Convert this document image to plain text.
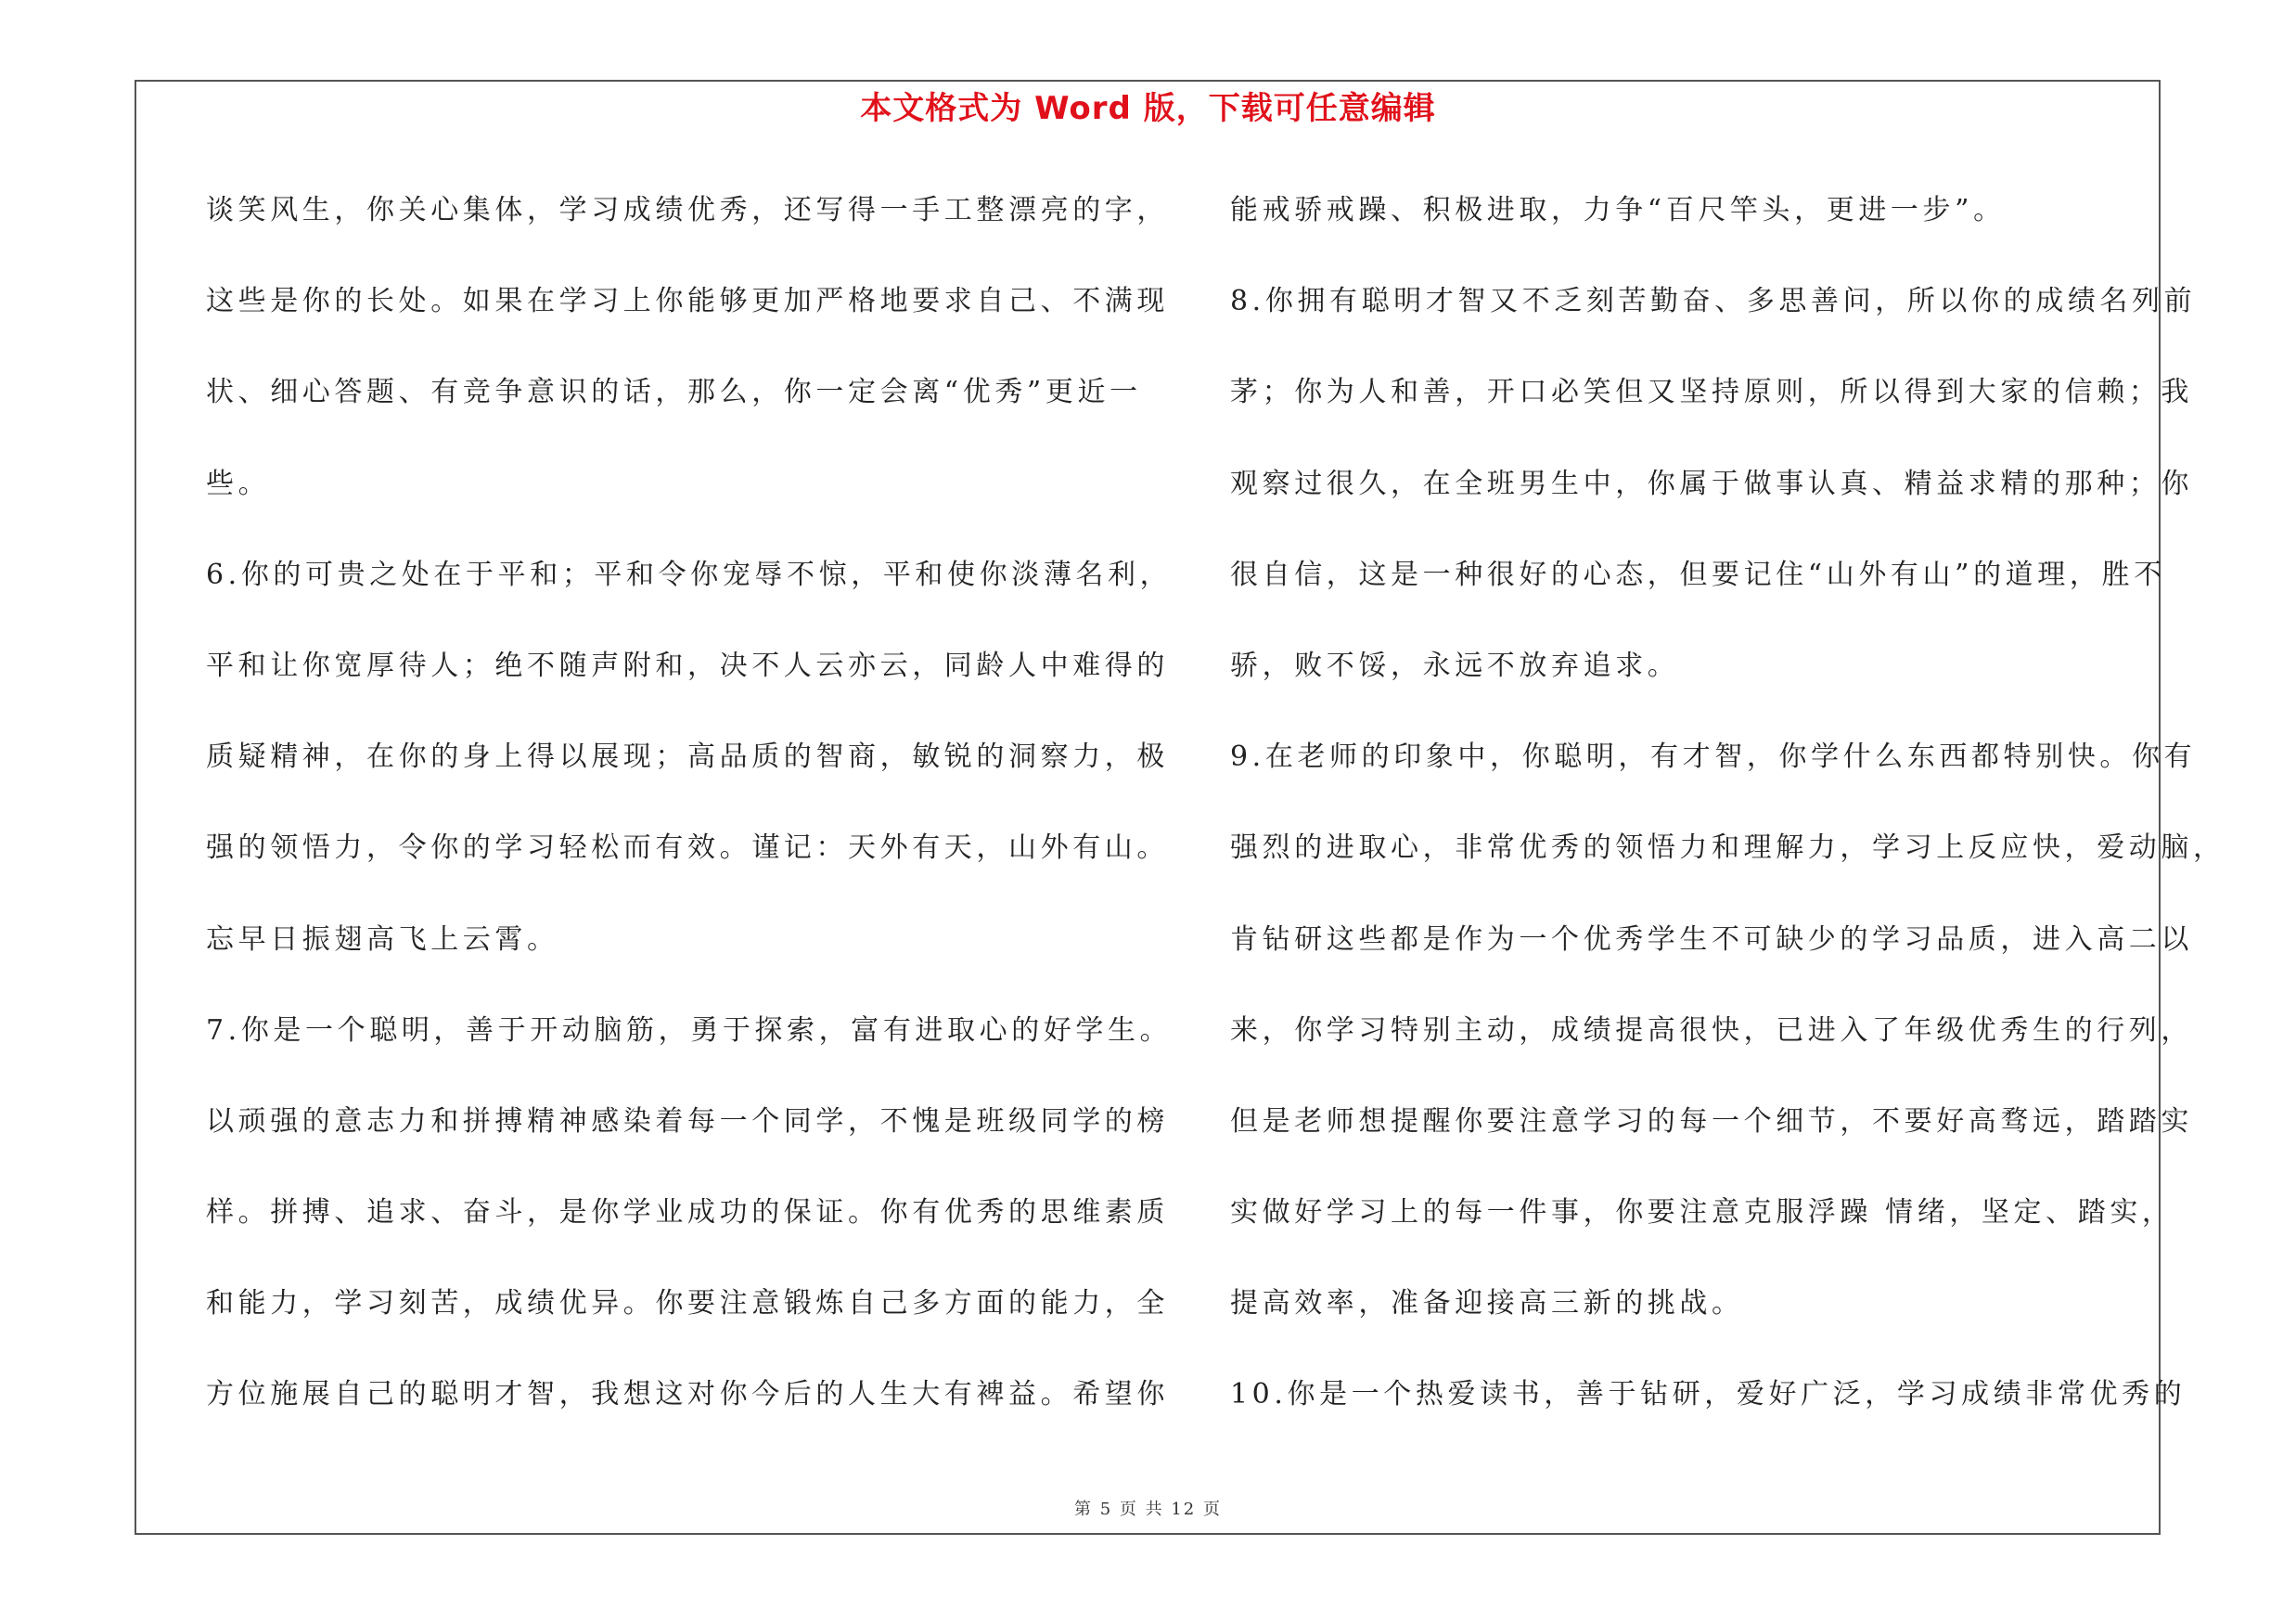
本文格式为 Word 版，下载可任意编辑
谈笑风生，你关心集体，学习成绩优秀，还写得一手工整漂亮的字，
这些是你的长处。如果在学习上你能够更加严格地要求自己、不满现
状、细心答题、有竞争意识的话，那么，你一定会离“优秀”更近一
些。
6.你的可贵之处在于平和；平和令你宠辱不惊，平和使你淡薄名利，
平和让你宽厚待人；绝不随声附和，决不人云亦云，同龄人中难得的
质疑精神，在你的身上得以展现；高品质的智商，敏锐的洞察力，极
强的领悟力，令你的学习轻松而有效。谨记：天外有天，山外有山。
忘早日振翅高飞上云霄。
7.你是一个聪明，善于开动脑筋，勇于探索，富有进取心的好学生。
以顽强的意志力和拼搏精神感染着每一个同学，不愧是班级同学的榜
样。拼搏、追求、奋斗，是你学业成功的保证。你有优秀的思维素质
和能力，学习刻苦，成绩优异。你要注意锻炼自己多方面的能力，全
方位施展自己的聪明才智，我想这对你今后的人生大有裨益。希望你
能戒骄戒躁、积极进取，力争“百尺竿头，更进一步”。
8.你拥有聪明才智又不乏刻苦勤奋、多思善问，所以你的成绩名列前
茅；你为人和善，开口必笑但又坚持原则，所以得到大家的信赖；我
观察过很久，在全班男生中，你属于做事认真、精益求精的那种；你
很自信，这是一种很好的心态，但要记住“山外有山”的道理，胜不
骄，败不馁，永远不放弃追求。
9.在老师的印象中，你聪明，有才智，你学什么东西都特别快。你有
强烈的进取心，非常优秀的领悟力和理解力，学习上反应快，爱动脑，
肯钻研这些都是作为一个优秀学生不可缺少的学习品质，进入高二以
来，你学习特别主动，成绩提高很快，已进入了年级优秀生的行列，
但是老师想提醒你要注意学习的每一个细节，不要好高骛远，踏踏实
实做好学习上的每一件事，你要注意克服浮躁 情绪，坚定、踏实，
提高效率，准备迎接高三新的挑战。
10.你是一个热爱读书，善于钻研，爱好广泛，学习成绩非常优秀的
第 5 页 共 12 页
